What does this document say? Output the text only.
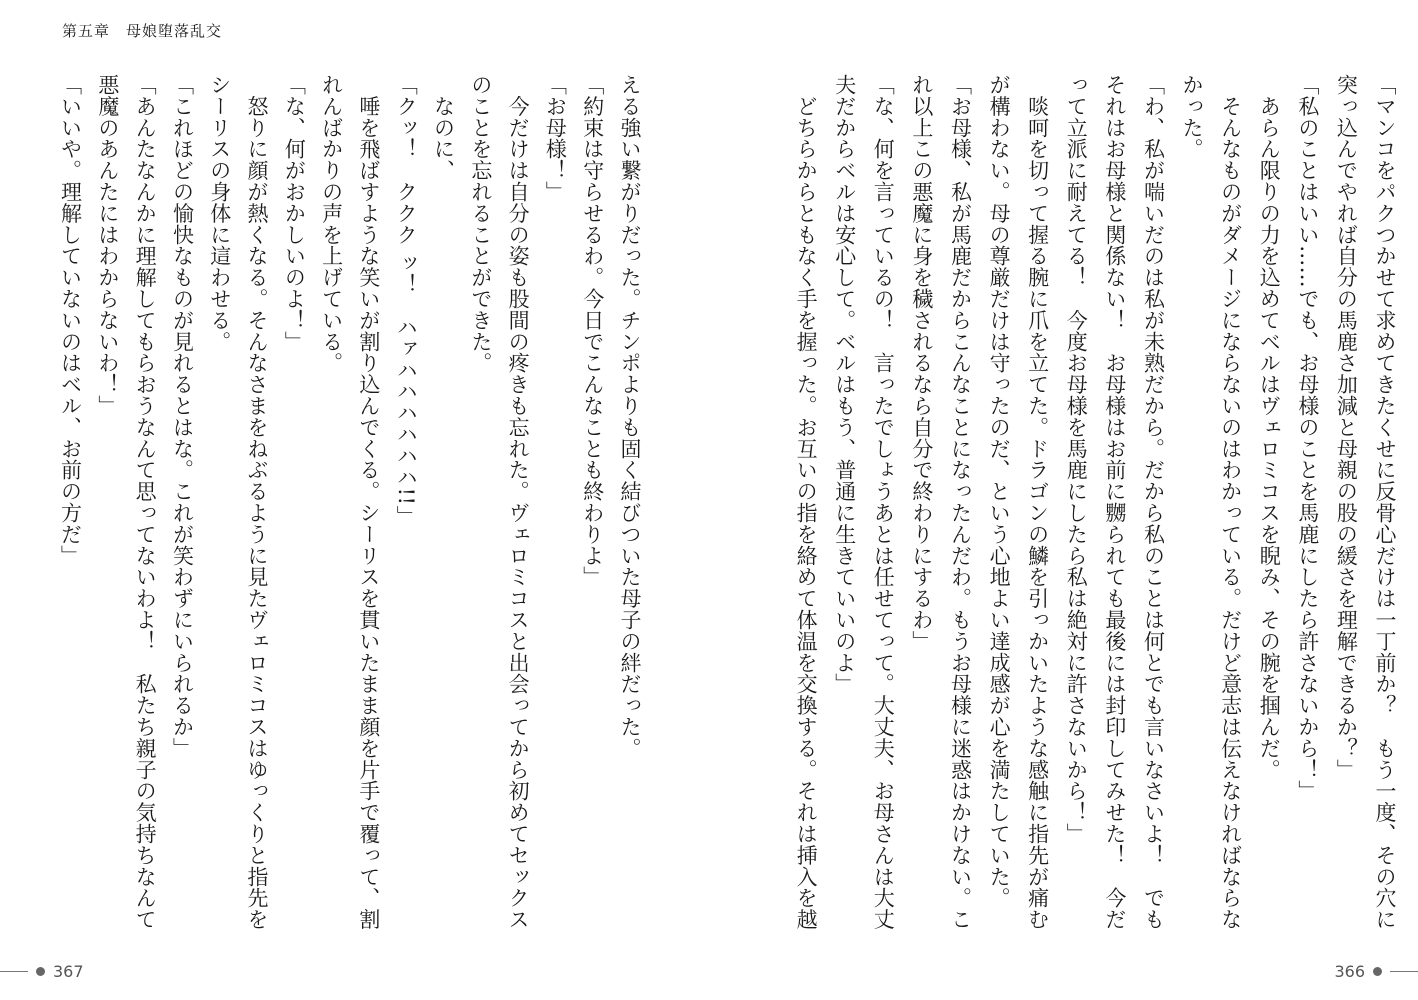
第五章　母娘堕落乱交
「マンコをパクつかせて求めてきたくせに反骨心だけは一丁前か？　もう一度、その穴に
突っ込んでやれば自分の馬鹿さ加減と母親の股の緩さを理解できるか？」
「私のことはいい……でも、お母様のことを馬鹿にしたら許さないから！」
　あらん限りの力を込めてベルはヴェロミコスを睨み、その腕を掴んだ。
　そんなものがダメージにならないのはわかっている。だけど意志は伝えなければならな
かった。
「わ、私が喘いだのは私が未熟だから。だから私のことは何とでも言いなさいよ！　でも
それはお母様と関係ない！　お母様はお前に嬲られても最後には封印してみせた！　今だ
って立派に耐えてる！　今度お母様を馬鹿にしたら私は絶対に許さないから！」
　啖呵を切って握る腕に爪を立てた。ドラゴンの鱗を引っかいたような感触に指先が痛む
が構わない。母の尊厳だけは守ったのだ、という心地よい達成感が心を満たしていた。
「お母様、私が馬鹿だからこんなことになったんだわ。もうお母様に迷惑はかけない。こ
れ以上この悪魔に身を穢されるなら自分で終わりにするわ」
「な、何を言っているの！　言ったでしょうあとは任せてって。大丈夫、お母さんは大丈
夫だからベルは安心して。ベルはもう、普通に生きていいのよ」
　どちらからともなく手を握った。お互いの指を絡めて体温を交換する。それは挿入を越
える強い繋がりだった。チンポよりも固く結びついた母子の絆だった。
「約束は守らせるわ。今日でこんなことも終わりよ」
「お母様！」
　今だけは自分の姿も股間の疼きも忘れた。ヴェロミコスと出会ってから初めてセックス
のことを忘れることができた。
　なのに、
「クッ！　ククク ッ！　ハァハハハハハハ!!」
　唾を飛ばすような笑いが割り込んでくる。シーリスを貫いたまま顔を片手で覆って、割
れんばかりの声を上げている。
「な、何がおかしいのよ！」
　怒りに顔が熱くなる。そんなさまをねぶるように見たヴェロミコスはゆっくりと指先を
シーリスの身体に這わせる。
「これほどの愉快なものが見れるとはな。これが笑わずにいられるか」
「あんたなんかに理解してもらおうなんて思ってないわよ！　私たち親子の気持ちなんて
悪魔のあんたにはわからないわ！」
「いいや。理解していないのはベル、お前の方だ」
367	366
